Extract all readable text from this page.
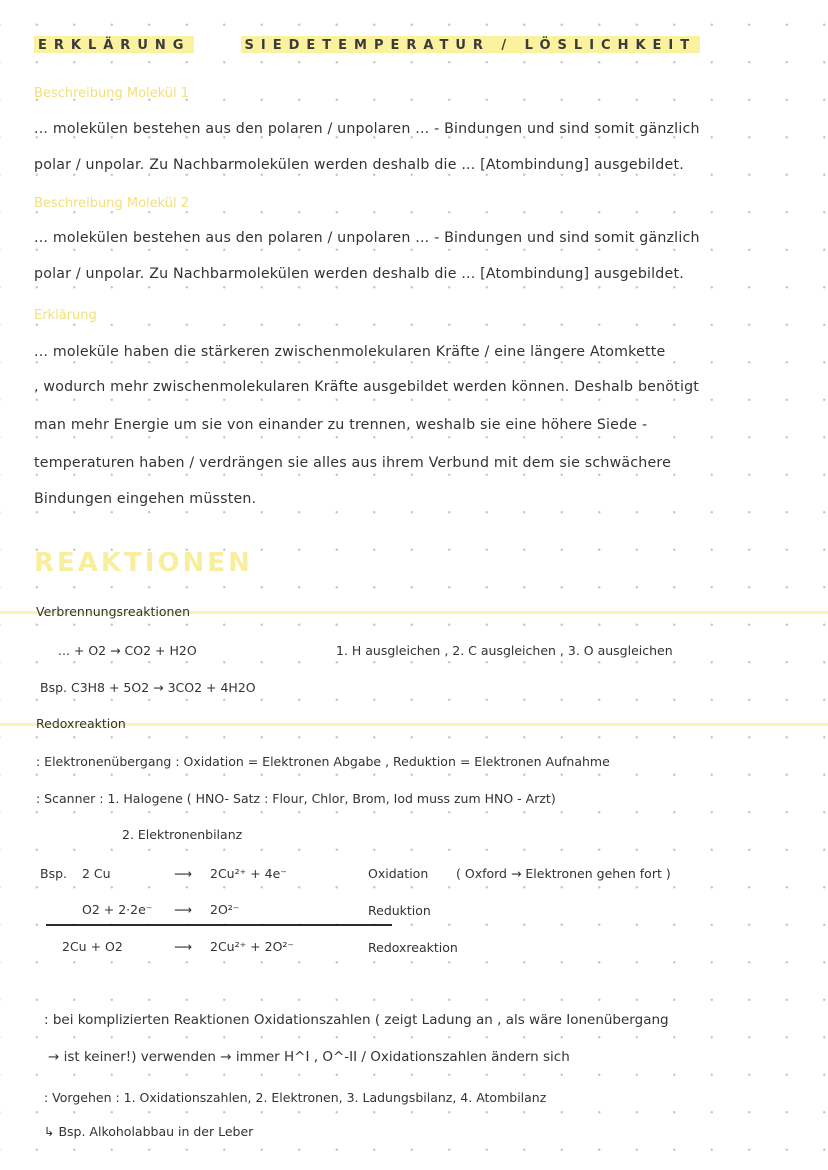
ERKLÄRUNG	SIEDETEMPERATUR / LÖSLICHKEIT
Beschreibung Molekül 1
... molekülen bestehen aus den polaren / unpolaren ... - Bindungen und sind somit gänzlich
polar / unpolar. Zu Nachbarmolekülen werden deshalb die ... [Atombindung] ausgebildet.
Beschreibung Molekül 2
... molekülen bestehen aus den polaren / unpolaren ... - Bindungen und sind somit gänzlich
polar / unpolar. Zu Nachbarmolekülen werden deshalb die ... [Atombindung] ausgebildet.
Erklärung
... moleküle haben die stärkeren zwischenmolekularen Kräfte / eine längere Atomkette
, wodurch mehr zwischenmolekularen Kräfte ausgebildet werden können. Deshalb benötigt
man mehr Energie um sie von einander zu trennen, weshalb sie eine höhere Siede -
temperaturen haben / verdrängen sie alles aus ihrem Verbund mit dem sie schwächere
Bindungen eingehen müssten.
REAKTIONEN
Verbrennungsreaktionen
... + O2 → CO2 + H2O	1. H ausgleichen , 2. C ausgleichen , 3. O ausgleichen
Bsp. C3H8 + 5O2 → 3CO2 + 4H2O
Redoxreaktion
: Elektronenübergang : Oxidation = Elektronen Abgabe , Reduktion = Elektronen Aufnahme
: Scanner : 1. Halogene ( HNO- Satz : Flour, Chlor, Brom, Iod muss zum HNO - Arzt)
2. Elektronenbilanz
Bsp. 2 Cu	⟶ 2Cu²⁺ + 4e⁻	Oxidation ( Oxford → Elektronen gehen fort )
O2 + 2·2e⁻ ⟶ 2O²⁻	Reduktion
2Cu + O2	⟶ 2Cu²⁺ + 2O²⁻	Redoxreaktion
: bei komplizierten Reaktionen Oxidationszahlen ( zeigt Ladung an , als wäre Ionenübergang
→ ist keiner!) verwenden → immer H^I , O^-II / Oxidationszahlen ändern sich
: Vorgehen : 1. Oxidationszahlen, 2. Elektronen, 3. Ladungsbilanz, 4. Atombilanz
↳ Bsp. Alkoholabbau in der Leber
